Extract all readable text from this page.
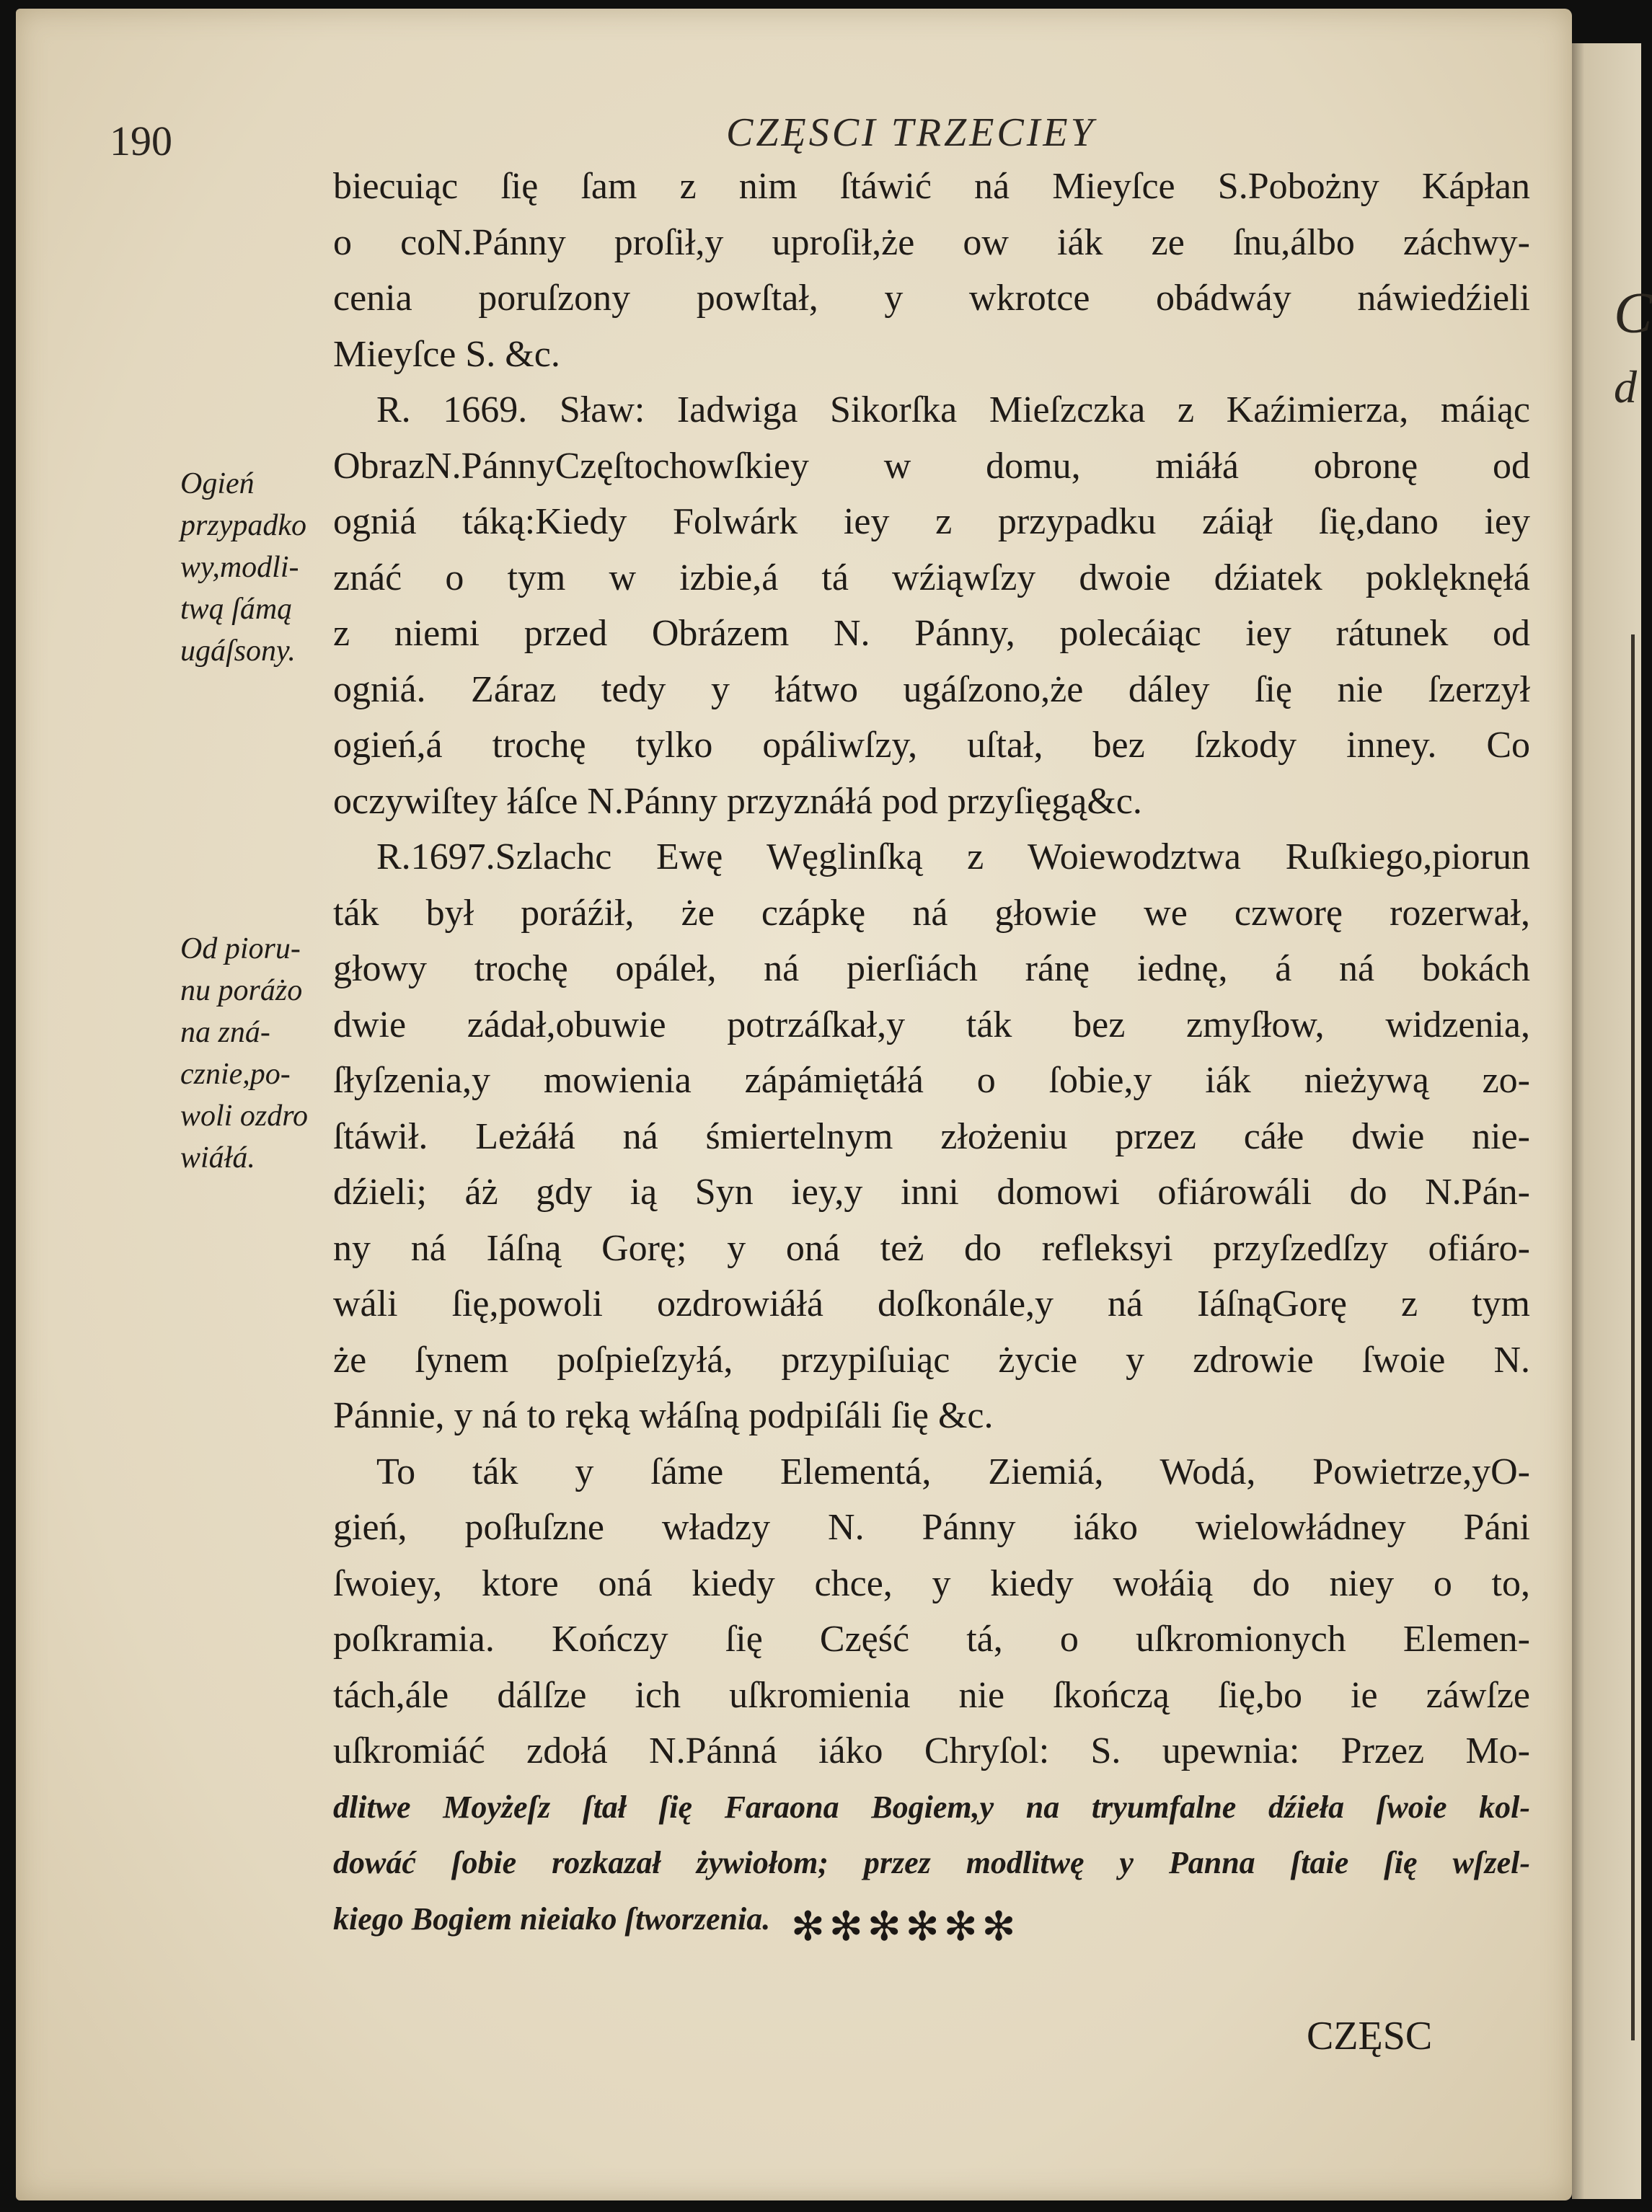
190	CZĘSCI TRZECIEY
biecuiąc ſię ſam z nim ſtáwić ná Mieyſce S.Pobożny Kápłan
o coN.Pánny proſił,y uproſił,że ow iák ze ſnu,álbo záchwy-
cenia poruſzony powſtał, y wkrotce obádwáy náwiedźieli
Mieyſce S. &c.
R. 1669. Sław: Iadwiga Sikorſka Mieſzczka z Kaźimierza, máiąc
ObrazN.PánnyCzęſtochowſkiey w domu, miáłá obronę od
ogniá táką:Kiedy Folwárk iey z przypadku záiął ſię,dano iey
znáć o tym w izbie,á tá wźiąwſzy dwoie dźiatek poklęknęłá
z niemi przed Obrázem N. Pánny, polecáiąc iey rátunek od
ogniá. Záraz tedy y łátwo ugáſzono,że dáley ſię nie ſzerzył
ogień,á trochę tylko opáliwſzy, uſtał, bez ſzkody inney. Co
oczywiſtey łáſce N.Pánny przyznáłá pod przyſięgą&c.
R.1697.Szlachc Ewę Węglinſką z Woiewodztwa Ruſkiego,piorun
ták był poráźił, że czápkę ná głowie we czworę rozerwał,
głowy trochę opáleł, ná pierſiách ránę iednę, á ná bokách
dwie zádał,obuwie potrzáſkał,y ták bez zmyſłow, widzenia,
ſłyſzenia,y mowienia zápámiętáłá o ſobie,y iák nieżywą zo-
ſtáwił. Leżáłá ná śmiertelnym złożeniu przez cáłe dwie nie-
dźieli; áż gdy ią Syn iey,y inni domowi ofiárowáli do N.Pán-
ny ná Iáſną Gorę; y oná też do refleksyi przyſzedſzy ofiáro-
wáli ſię,powoli ozdrowiáłá doſkonále,y ná IáſnąGorę z tym
że ſynem poſpieſzyłá, przypiſuiąc życie y zdrowie ſwoie N.
Pánnie, y ná to ręką włáſną podpiſáli ſię &c.
To ták y ſáme Elementá, Ziemiá, Wodá, Powietrze,yO-
gień, poſłuſzne władzy N. Pánny iáko wielowłádney Páni
ſwoiey, ktore oná kiedy chce, y kiedy wołáią do niey o to,
poſkramia. Kończy ſię Część tá, o uſkromionych Elemen-
tách,ále dálſze ich uſkromienia nie ſkończą ſię,bo ie záwſze
uſkromiáć zdołá N.Pánná iáko Chryſol: S. upewnia: Przez Mo-
dlitwe Moyżeſz ſtał ſię Farаona Bogiem,y na tryumfalne dźieła ſwoie kol-
dowáć ſobie rozkazał żywiołom; przez modlitwę y Panna ſtaie ſię wſzel-
kiego Bogiem nieiako ſtworzenia.
Ogień
przypadko
wy,modli-
twą ſámą
ugáſsony.
Od pioru-
nu poráżo
na zná-
cznie,po-
woli ozdro
wiáłá.
✻✻✻✻✻✻
CZĘSC
C
d
